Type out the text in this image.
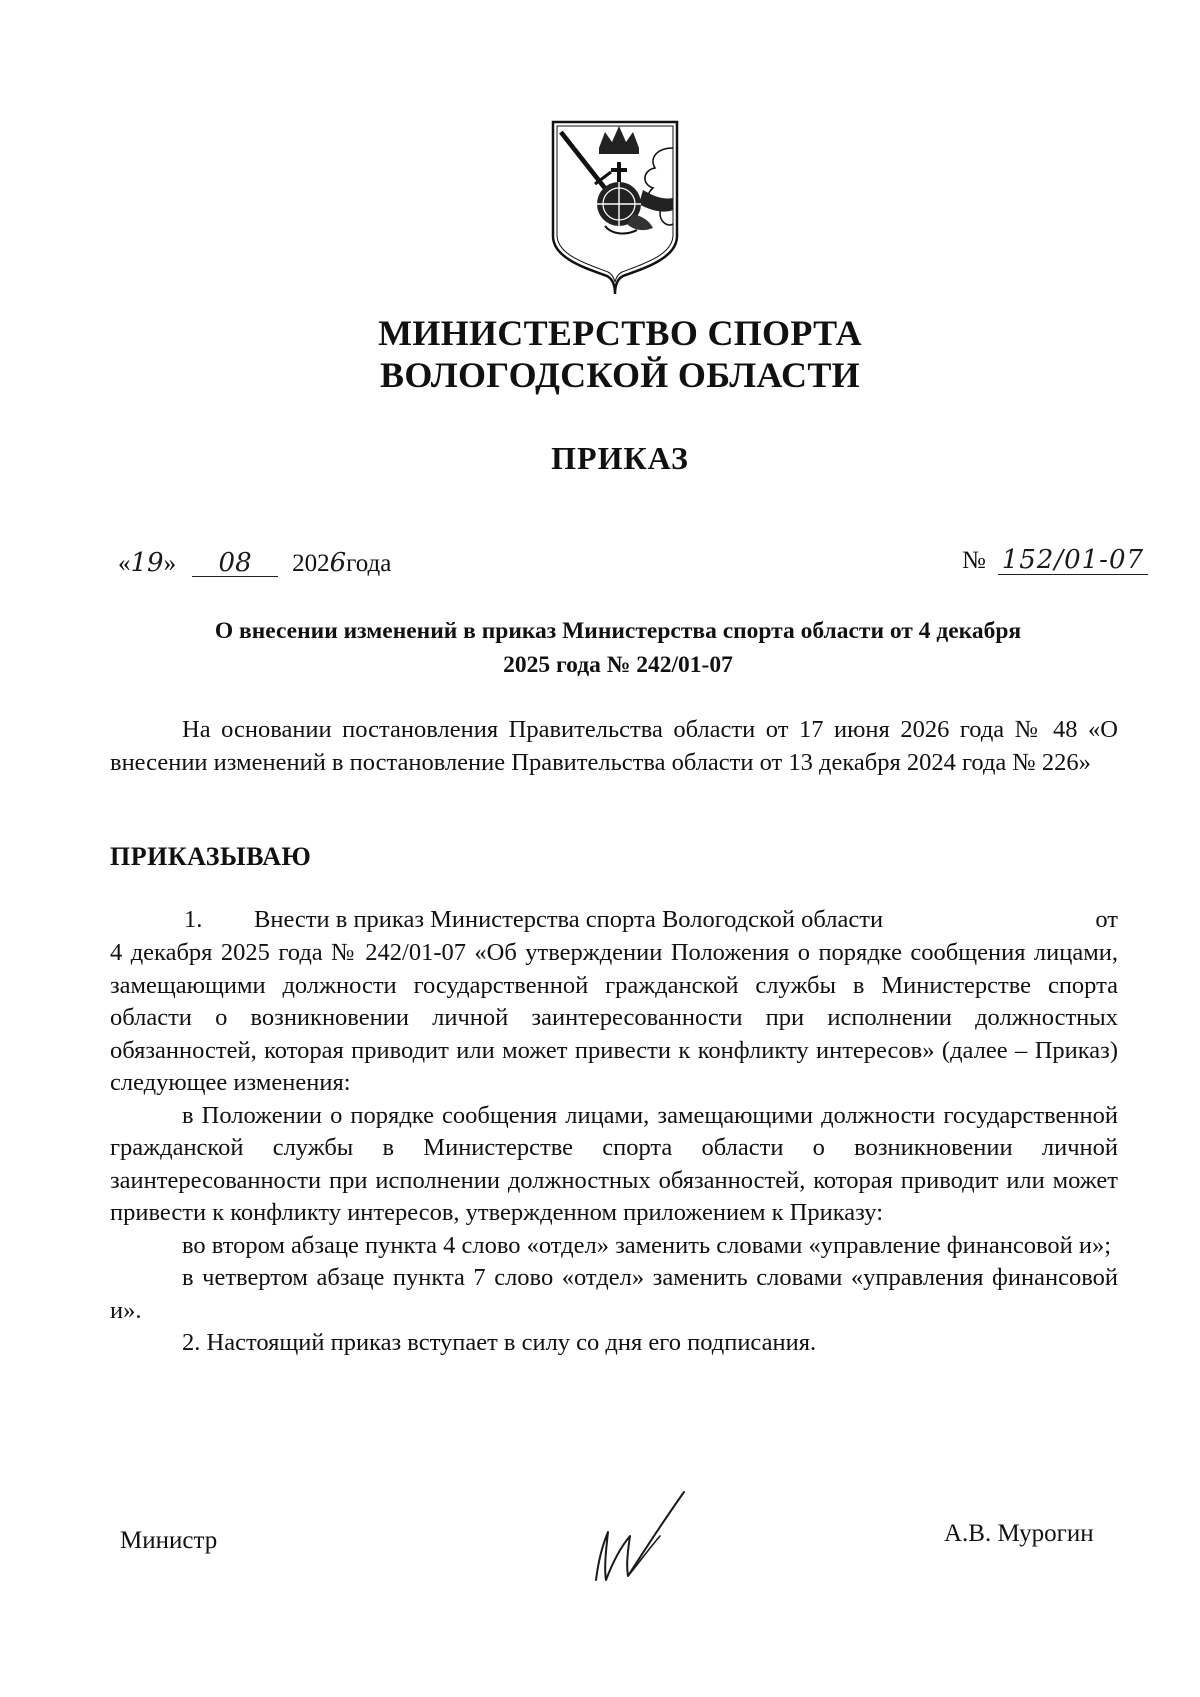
МИНИСТЕРСТВО СПОРТА
ВОЛОГОДСКОЙ ОБЛАСТИ
ПРИКАЗ
«19» 08 2026года	№ 152/01-07
О внесении изменений в приказ Министерства спорта области от 4 декабря
2025 года № 242/01-07

На основании постановления Правительства области от 17 июня 2026 года № 48 «О внесении изменений в постановление Правительства области от 13 декабря 2024 года № 226»

ПРИКАЗЫВАЮ
1. Внести в приказ Министерства спорта Вологодской области	от

4 декабря 2025 года № 242/01-07 «Об утверждении Положения о порядке сообщения лицами, замещающими должности государственной гражданской службы в Министерстве спорта области о возникновении личной заинтересованности при исполнении должностных обязанностей, которая приводит или может привести к конфликту интересов» (далее – Приказ) следующее изменения:

в Положении о порядке сообщения лицами, замещающими должности государственной гражданской службы в Министерстве спорта области о возникновении личной заинтересованности при исполнении должностных обязанностей, которая приводит или может привести к конфликту интересов, утвержденном приложением к Приказу:

во втором абзаце пункта 4 слово «отдел» заменить словами «управление финансовой и»;

в четвертом абзаце пункта 7 слово «отдел» заменить словами «управления финансовой и».

2. Настоящий приказ вступает в силу со дня его подписания.

Министр	А.В. Мурогин
